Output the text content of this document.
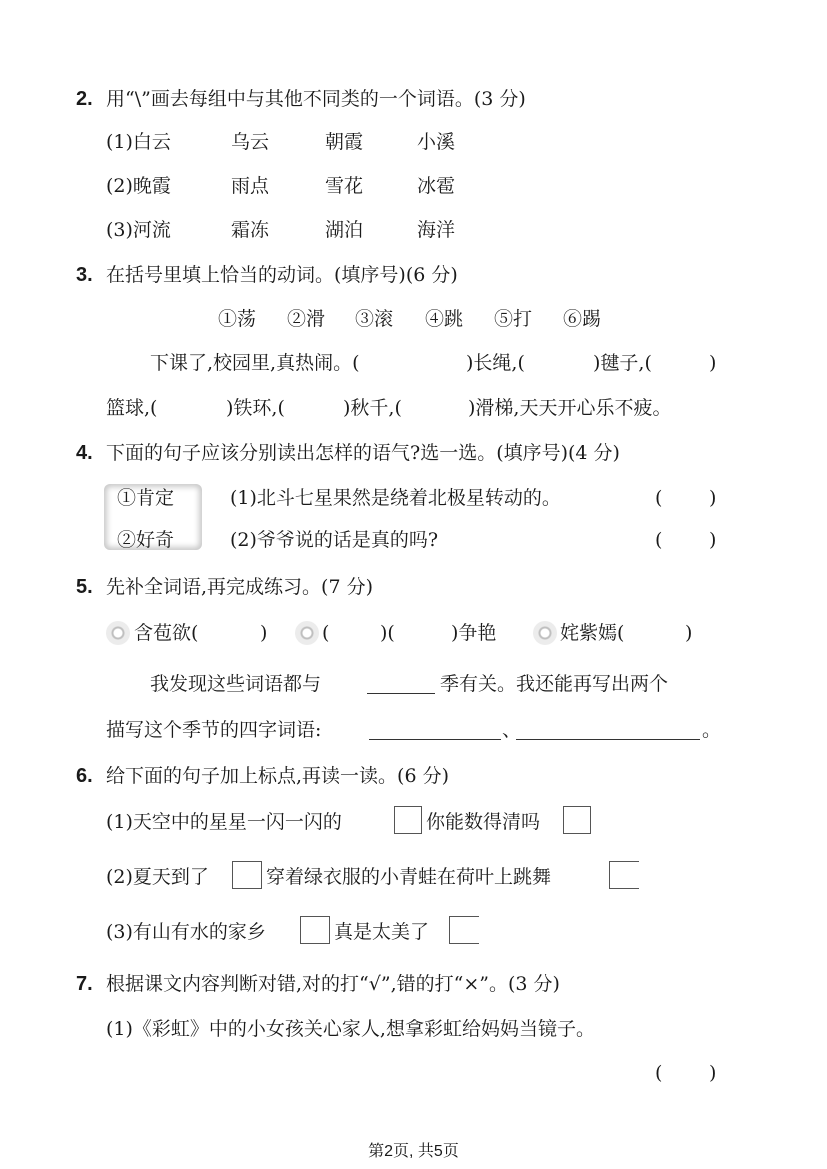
2. 用“\”画去每组中与其他不同类的一个词语。(3 分)
(1)白云	乌云	朝霞	小溪
(2)晚霞	雨点	雪花	冰雹
(3)河流	霜冻	湖泊	海洋
3. 在括号里填上恰当的动词。(填序号)(6 分)
①荡 ②滑 ③滚 ④跳 ⑤打 ⑥踢
下课了,校园里,真热闹。(	)长绳,(	)毽子,(	)
篮球,(	)铁环,(	)秋千,(	)滑梯,天天开心乐不疲。
4. 下面的句子应该分别读出怎样的语气?选一选。(填序号)(4 分)
①肯定	(1)北斗七星果然是绕着北极星转动的。	( )
②好奇	(2)爷爷说的话是真的吗?	( )
5. 先补全词语,再完成练习。(7 分)
含苞欲(	)	(	)(	)争艳	姹紫嫣(	)
我发现这些词语都与	季有关。我还能再写出两个
描写这个季节的四字词语:	、	。
6. 给下面的句子加上标点,再读一读。(6 分)
(1)天空中的星星一闪一闪的	你能数得清吗
(2)夏天到了	穿着绿衣服的小青蛙在荷叶上跳舞
(3)有山有水的家乡	真是太美了
7. 根据课文内容判断对错,对的打“√”,错的打“×”。(3 分)
(1)《彩虹》中的小女孩关心家人,想拿彩虹给妈妈当镜子。
( )
第2页, 共5页
